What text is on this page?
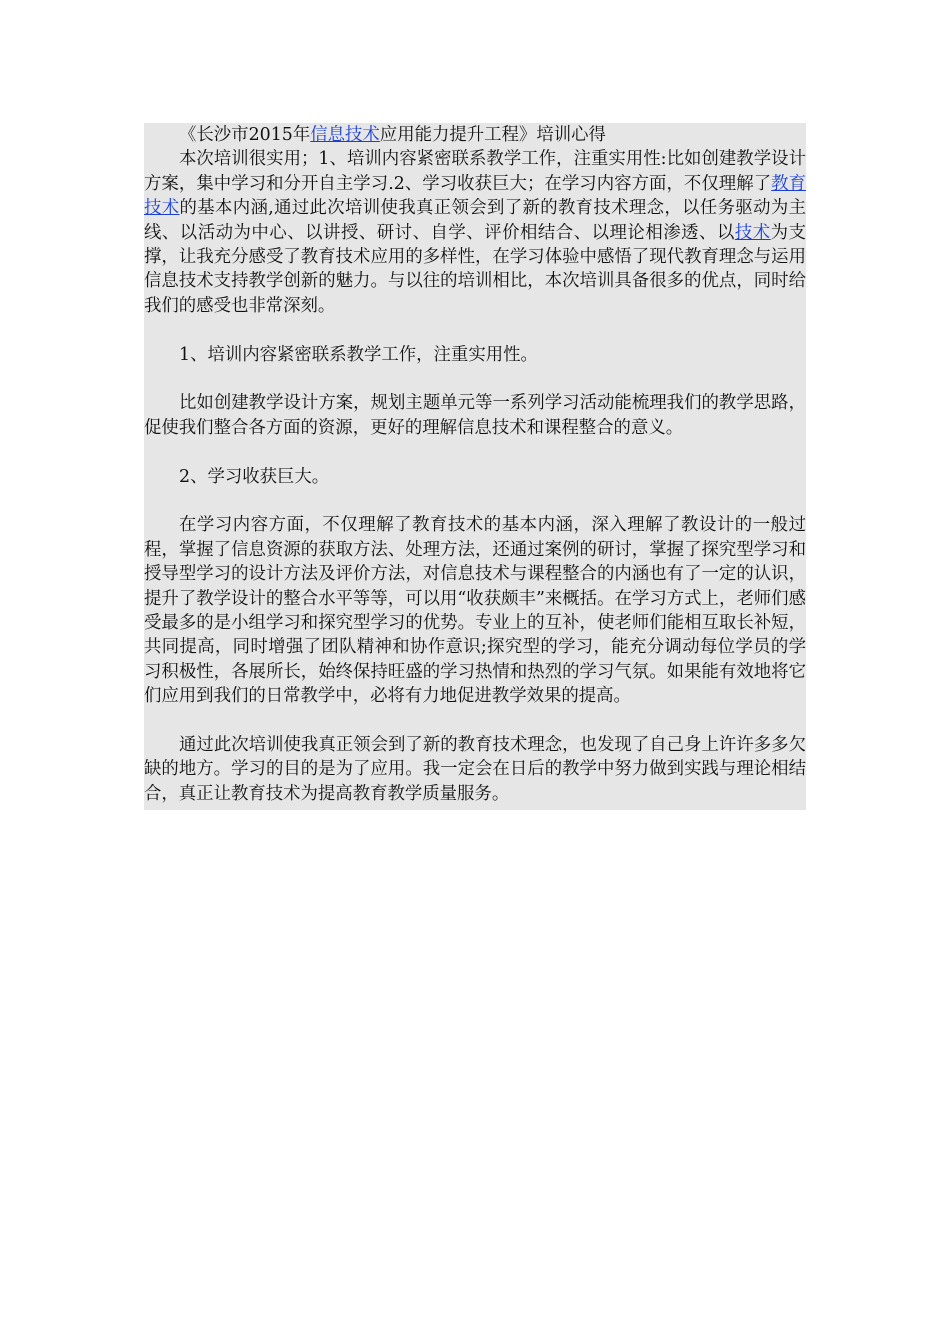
《长沙市2015年信息技术应用能力提升工程》培训心得

本次培训很实用；1、培训内容紧密联系教学工作，注重实用性:比如创建教学设计方案，集中学习和分开自主学习.2、学习收获巨大；在学习内容方面，不仅理解了教育技术的基本内涵,通过此次培训使我真正领会到了新的教育技术理念，以任务驱动为主线、以活动为中心、以讲授、研讨、自学、评价相结合、以理论相渗透、以技术为支撑，让我充分感受了教育技术应用的多样性，在学习体验中感悟了现代教育理念与运用信息技术支持教学创新的魅力。与以往的培训相比，本次培训具备很多的优点，同时给我们的感受也非常深刻。

1、培训内容紧密联系教学工作，注重实用性。

比如创建教学设计方案，规划主题单元等一系列学习活动能梳理我们的教学思路，促使我们整合各方面的资源，更好的理解信息技术和课程整合的意义。

2、学习收获巨大。

在学习内容方面，不仅理解了教育技术的基本内涵，深入理解了教设计的一般过程，掌握了信息资源的获取方法、处理方法，还通过案例的研讨，掌握了探究型学习和授导型学习的设计方法及评价方法，对信息技术与课程整合的内涵也有了一定的认识，提升了教学设计的整合水平等等，可以用“收获颇丰”来概括。在学习方式上，老师们感受最多的是小组学习和探究型学习的优势。专业上的互补，使老师们能相互取长补短，共同提高，同时增强了团队精神和协作意识;探究型的学习，能充分调动每位学员的学习积极性，各展所长，始终保持旺盛的学习热情和热烈的学习气氛。如果能有效地将它们应用到我们的日常教学中，必将有力地促进教学效果的提高。

通过此次培训使我真正领会到了新的教育技术理念，也发现了自己身上许许多多欠缺的地方。学习的目的是为了应用。我一定会在日后的教学中努力做到实践与理论相结合，真正让教育技术为提高教育教学质量服务。
